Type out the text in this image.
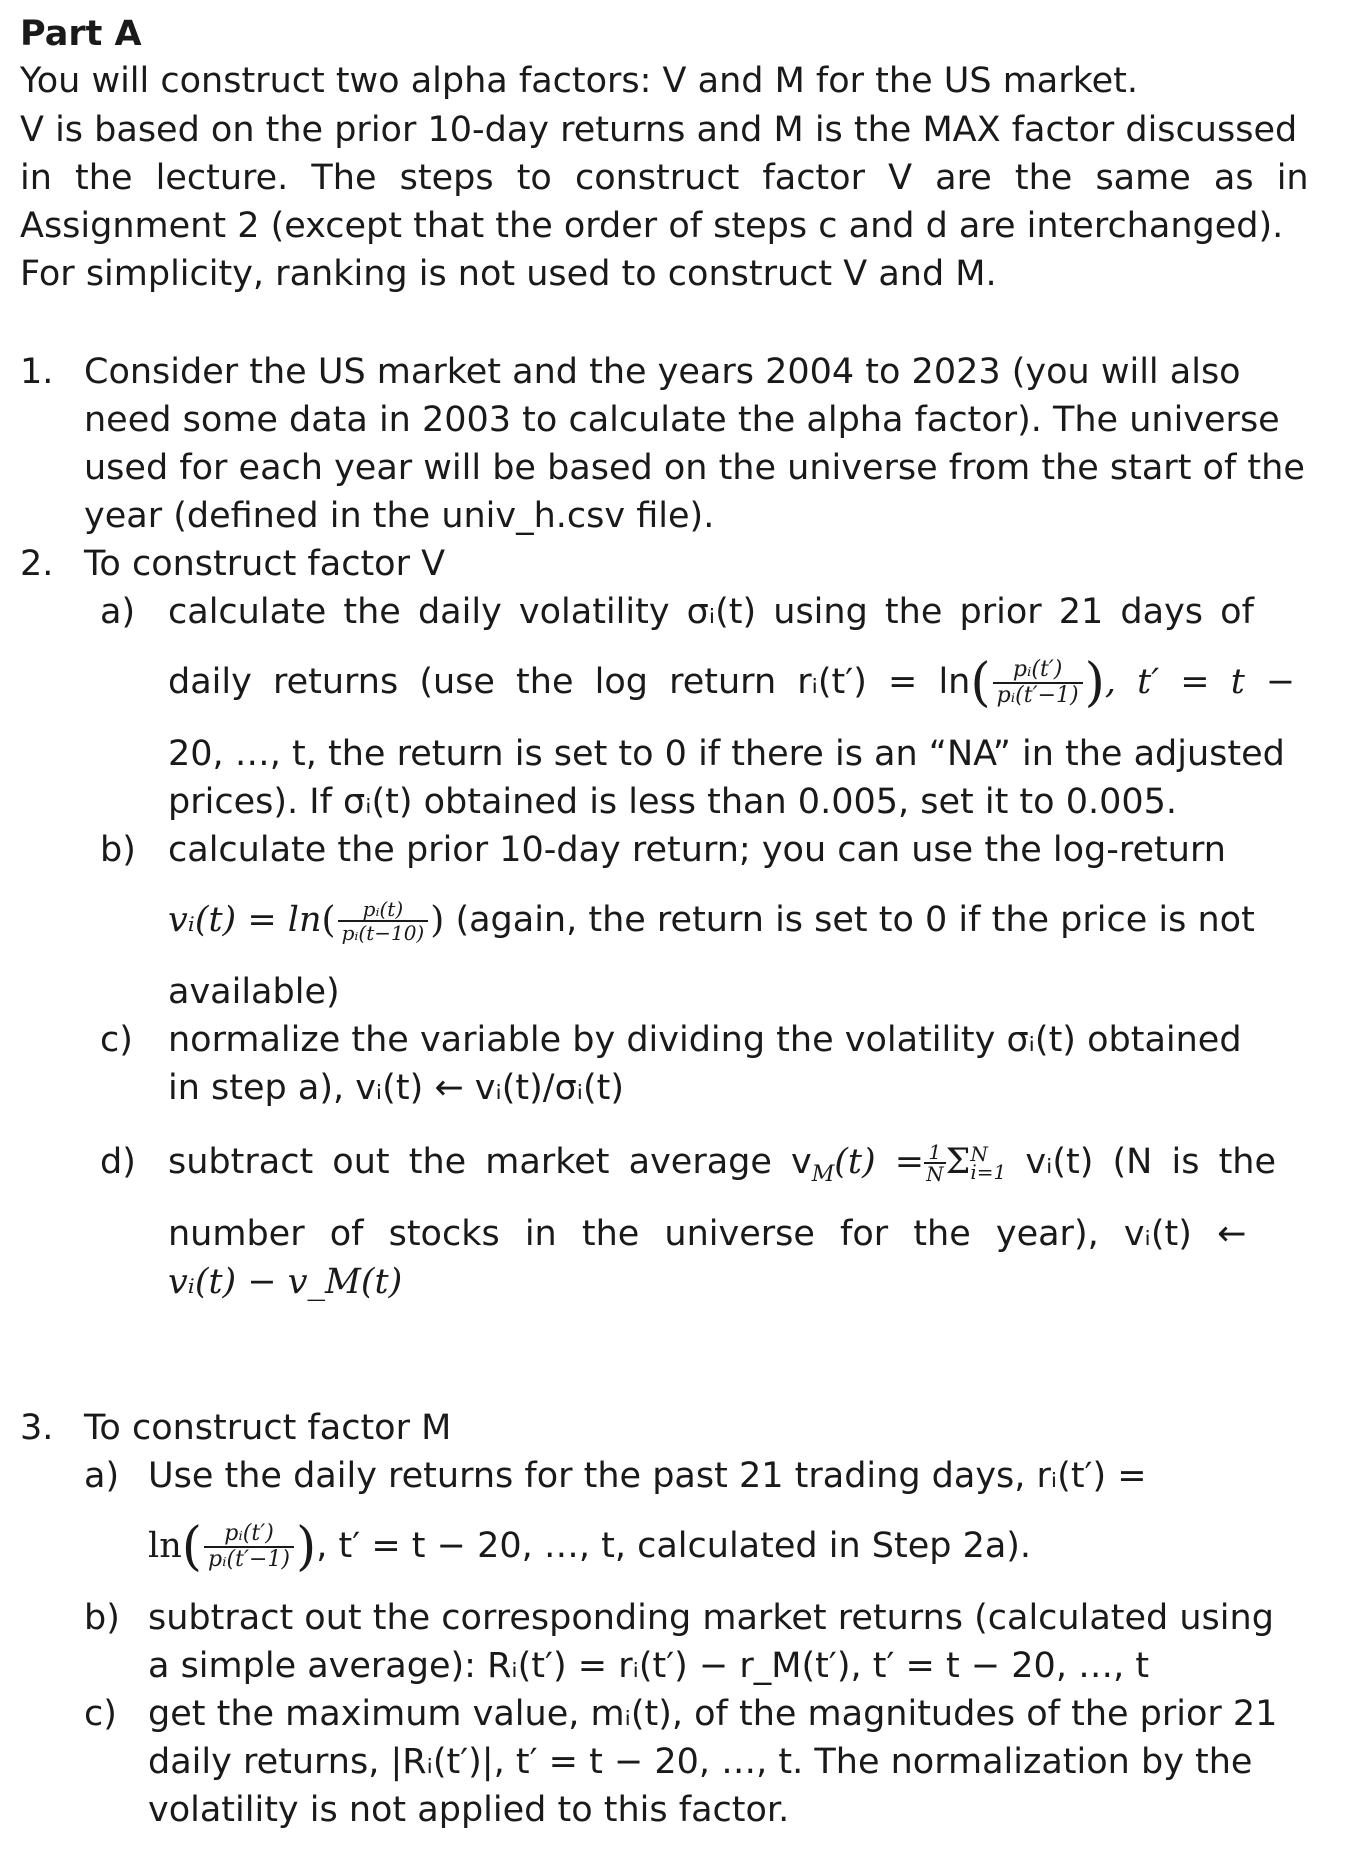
Part A
You will construct two alpha factors: V and M for the US market.
V is based on the prior 10-day returns and M is the MAX factor discussed
in the lecture. The steps to construct factor V are the same as in
Assignment 2 (except that the order of steps c and d are interchanged).
For simplicity, ranking is not used to construct V and M.
1. Consider the US market and the years 2004 to 2023 (you will also
need some data in 2003 to calculate the alpha factor). The universe
used for each year will be based on the universe from the start of the
year (defined in the univ_h.csv file).
2. To construct factor V
a) calculate the daily volatility σᵢ(t) using the prior 21 days of
daily returns (use the log return rᵢ(t′) = $\ln( \frac{\text{pᵢ(t′)}}{\text{pᵢ(t′−1)}}$ ), t′ = t −
20, …, t, the return is set to 0 if there is an “NA” in the adjusted
prices). If σᵢ(t) obtained is less than 0.005, set it to 0.005.
b) calculate the prior 10-day return; you can use the log-return
vᵢ(t) = $\ln( \frac{\text{pᵢ(t)}}{\text{pᵢ(t−10)}}$ ) (again, the return is set to 0 if the price is not
available)
c) normalize the variable by dividing the volatility σᵢ(t) obtained
in step a), vᵢ(t) ← vᵢ(t)/σᵢ(t)
d) subtract out the market average $v_M(t) = \frac{1}{N}$ Σ N
i=1 vᵢ(t) (N is the
number of stocks in the universe for the year), vᵢ(t) ←
vᵢ(t) − v_M(t)
3. To construct factor M
a) Use the daily returns for the past 21 trading days, rᵢ(t′) =
$\ln( \frac{\text{pᵢ(t′)}}{\text{pᵢ(t′−1)}}$ ), t′ = t − 20, …, t, calculated in Step 2a).
b) subtract out the corresponding market returns (calculated using
a simple average): Rᵢ(t′) = rᵢ(t′) − r_M(t′), t′ = t − 20, …, t
c) get the maximum value, mᵢ(t), of the magnitudes of the prior 21
daily returns, |Rᵢ(t′)|, t′ = t − 20, …, t. The normalization by the
volatility is not applied to this factor.
